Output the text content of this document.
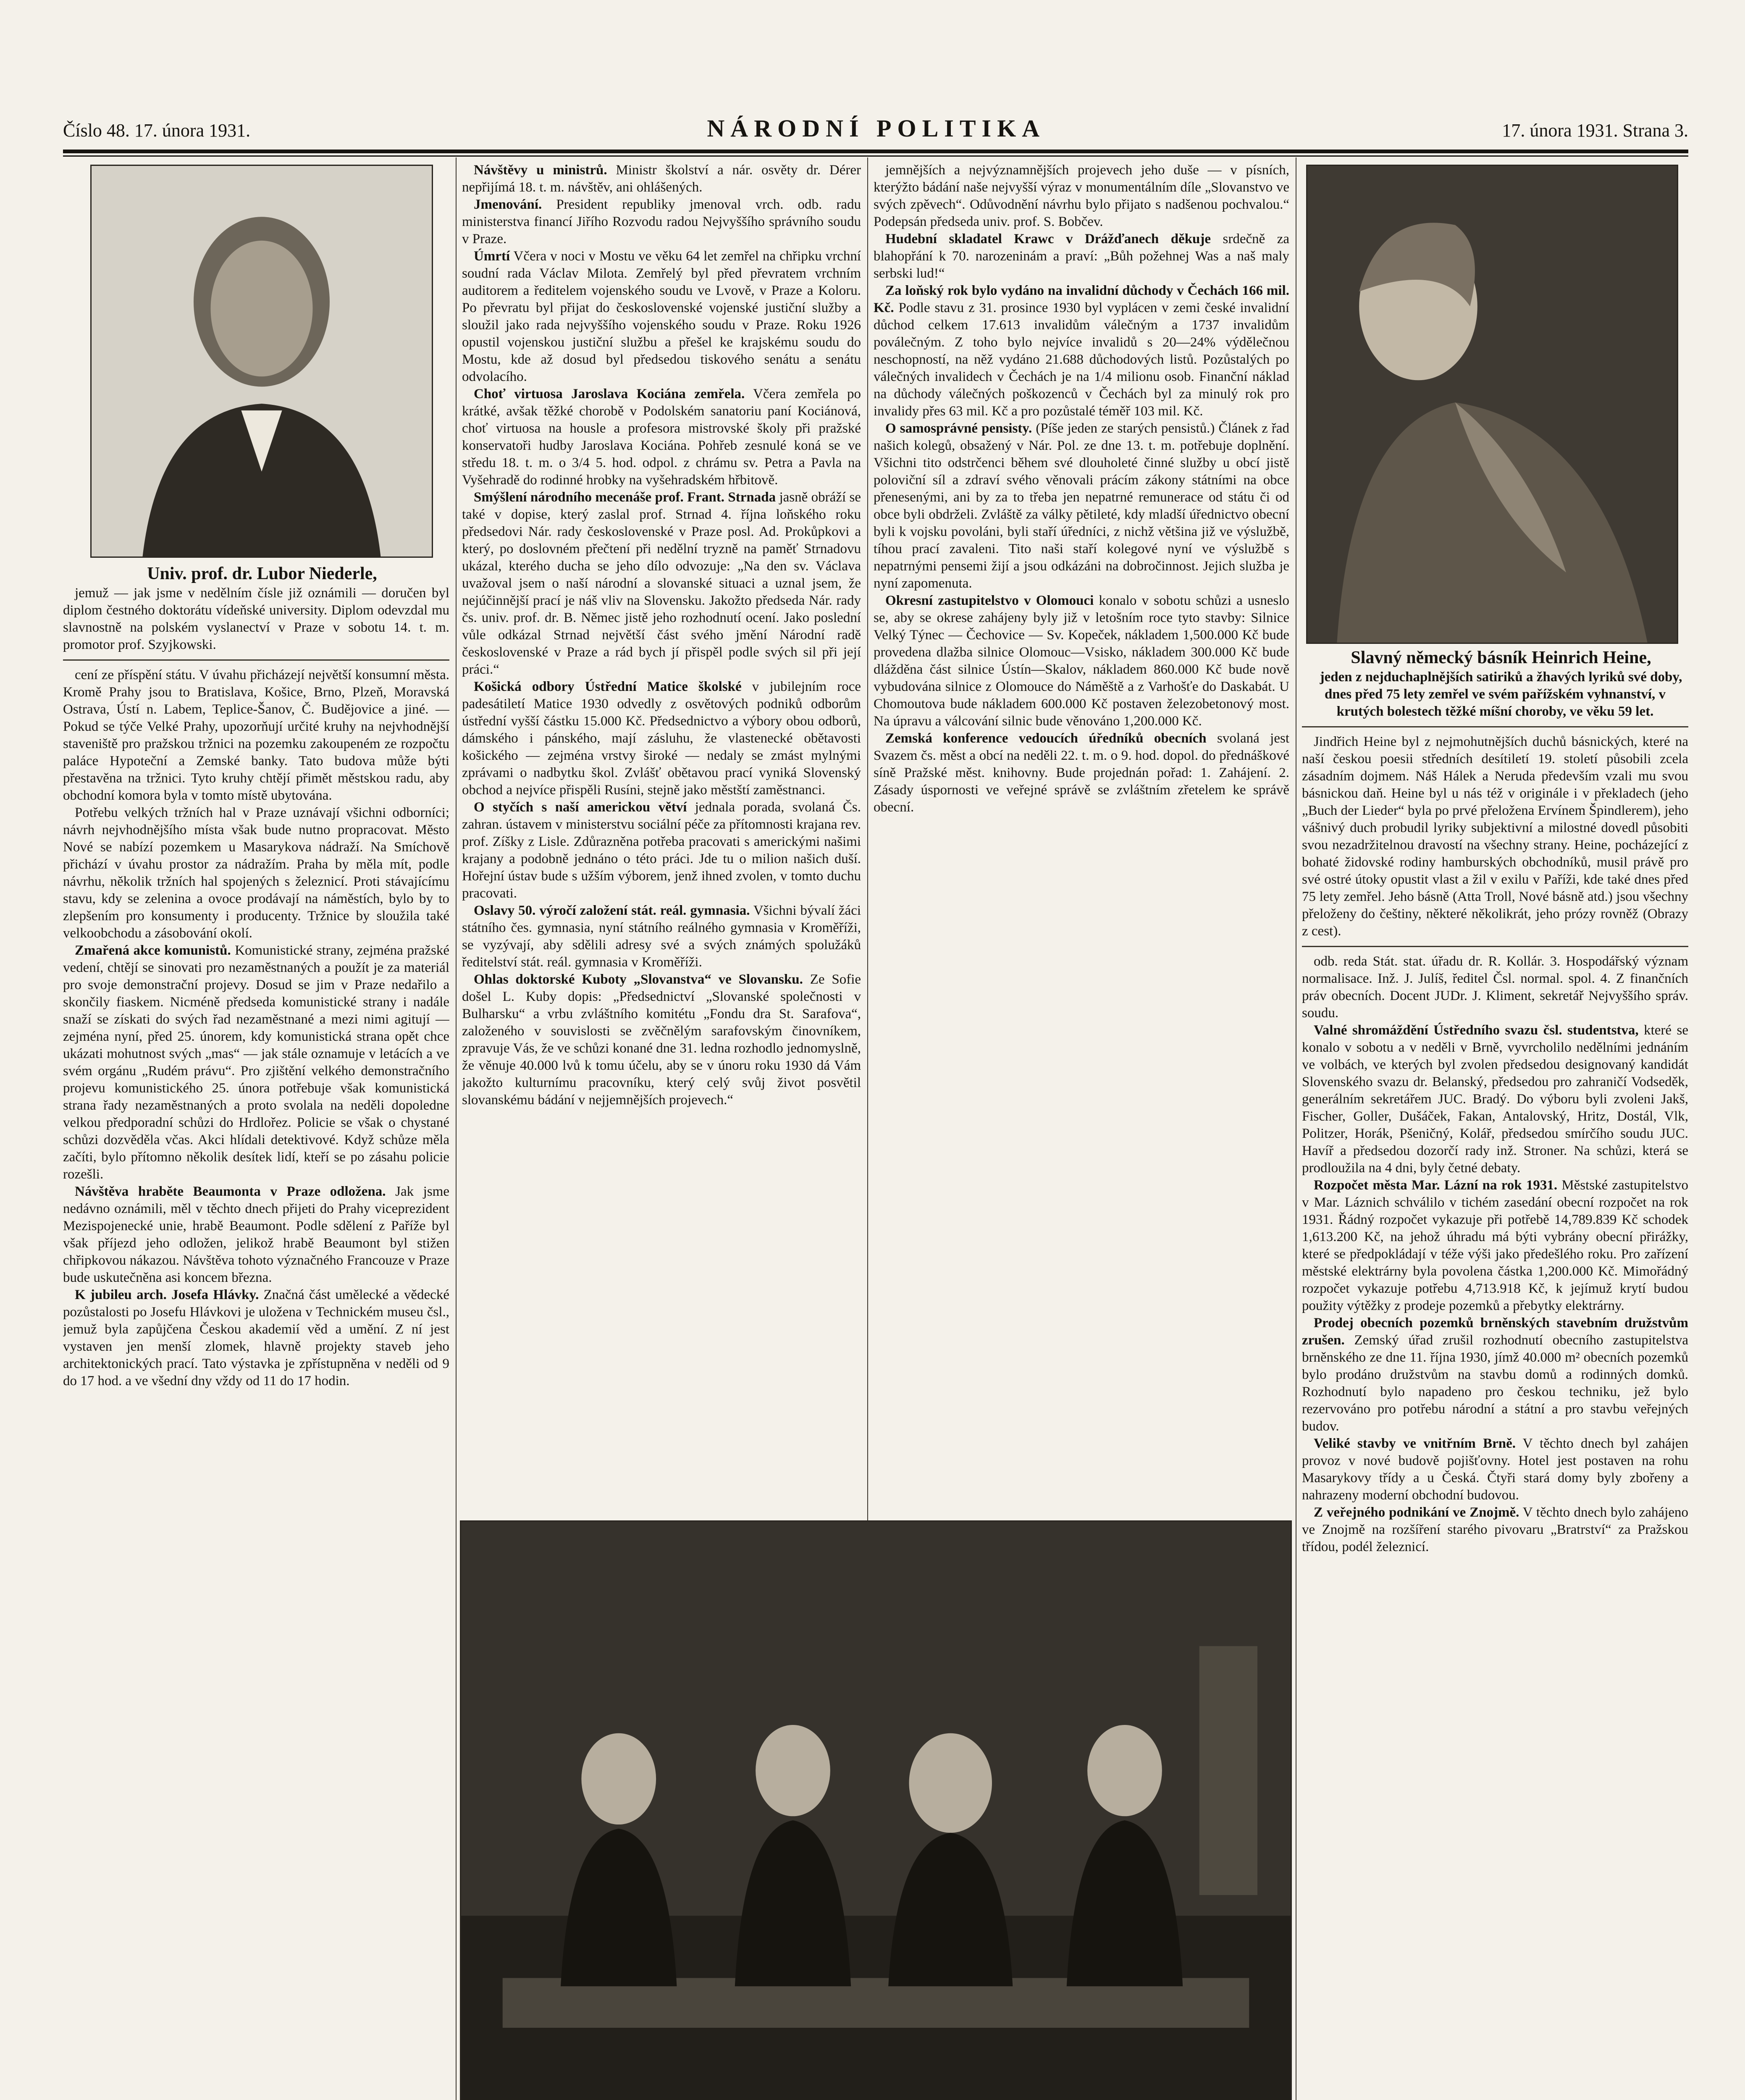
Číslo 48. 17. února 1931.	NÁRODNÍ POLITIKA	17. února 1931. Strana 3.

Univ. prof. dr. Lubor Niederle,

jemuž — jak jsme v nedělním čísle již oznámili — doručen byl diplom čestného doktorátu vídeňské university. Diplom odevzdal mu slavnostně na polském vyslanectví v Praze v sobotu 14. t. m. promotor prof. Szyjkowski.

cení ze příspění státu. V úvahu přicházejí největší konsumní města. Kromě Prahy jsou to Bratislava, Košice, Brno, Plzeň, Moravská Ostrava, Ústí n. Labem, Teplice-Šanov, Č. Budějovice a jiné. — Pokud se týče Velké Prahy, upozorňují určité kruhy na nejvhodnější staveniště pro pražskou tržnici na pozemku zakoupeném ze rozpočtu paláce Hypoteční a Zemské banky. Tato budova může býti přestavěna na tržnici. Tyto kruhy chtějí přimět městskou radu, aby obchodní komora byla v tomto místě ubytována.

Potřebu velkých tržních hal v Praze uznávají všichni odborníci; návrh nejvhodnějšího místa však bude nutno propracovat. Město Nové se nabízí pozemkem u Masarykova nádraží. Na Smíchově přichází v úvahu prostor za nádražím. Praha by měla mít, podle návrhu, několik tržních hal spojených s železnicí. Proti stávajícímu stavu, kdy se zelenina a ovoce prodávají na náměstích, bylo by to zlepšením pro konsumenty i producenty. Tržnice by sloužila také velkoobchodu a zásobování okolí.

Zmařená akce komunistů. Komunistické strany, zejména pražské vedení, chtějí se sinovati pro nezaměstnaných a použít je za materiál pro svoje demonstrační projevy. Dosud se jim v Praze nedařilo a skončily fiaskem. Nicméně předseda komunistické strany i nadále snaží se získati do svých řad nezaměstnané a mezi nimi agitují — zejména nyní, před 25. únorem, kdy komunistická strana opět chce ukázati mohutnost svých „mas“ — jak stále oznamuje v letácích a ve svém orgánu „Rudém právu“. Pro zjištění velkého demonstračního projevu komunistického 25. února potřebuje však komunistická strana řady nezaměstnaných a proto svolala na neděli dopoledne velkou předporadní schůzi do Hrdlořez. Policie se však o chystané schůzi dozvěděla včas. Akci hlídali detektivové. Když schůze měla začíti, bylo přítomno několik desítek lidí, kteří se po zásahu policie rozešli.

Návštěva hraběte Beaumonta v Praze odložena. Jak jsme nedávno oznámili, měl v těchto dnech přijeti do Prahy viceprezident Mezispojenecké unie, hrabě Beaumont. Podle sdělení z Paříže byl však příjezd jeho odložen, jelikož hrabě Beaumont byl stižen chřipkovou nákazou. Návštěva tohoto význačného Francouze v Praze bude uskutečněna asi koncem března.

K jubileu arch. Josefa Hlávky. Značná část umělecké a vědecké pozůstalosti po Josefu Hlávkovi je uložena v Technickém museu čsl., jemuž byla zapůjčena Českou akademií věd a umění. Z ní jest vystaven jen menší zlomek, hlavně projekty staveb jeho architektonických prací. Tato výstavka je zpřístupněna v neděli od 9 do 17 hod. a ve všední dny vždy od 11 do 17 hodin.

Návštěvy u ministrů. Ministr školství a nár. osvěty dr. Dérer nepřijímá 18. t. m. návštěv, ani ohlášených.

Jmenování. President republiky jmenoval vrch. odb. radu ministerstva financí Jiřího Rozvodu radou Nejvyššího správního soudu v Praze.

Úmrtí Včera v noci v Mostu ve věku 64 let zemřel na chřipku vrchní soudní rada Václav Milota. Zemřelý byl před převratem vrchním auditorem a ředitelem vojenského soudu ve Lvově, v Praze a Koloru. Po převratu byl přijat do československé vojenské justiční služby a sloužil jako rada nejvyššího vojenského soudu v Praze. Roku 1926 opustil vojenskou justiční službu a přešel ke krajskému soudu do Mostu, kde až dosud byl předsedou tiskového senátu a senátu odvolacího.

Choť virtuosa Jaroslava Kociána zemřela. Včera zemřela po krátké, avšak těžké chorobě v Podolském sanatoriu paní Kociánová, choť virtuosa na housle a profesora mistrovské školy při pražské konservatoři hudby Jaroslava Kociána. Pohřeb zesnulé koná se ve středu 18. t. m. o 3/4 5. hod. odpol. z chrámu sv. Petra a Pavla na Vyšehradě do rodinné hrobky na vyšehradském hřbitově.

Smýšlení národního mecenáše prof. Frant. Strnada jasně obráží se také v dopise, který zaslal prof. Strnad 4. října loňského roku předsedovi Nár. rady československé v Praze posl. Ad. Prokůpkovi a který, po doslovném přečtení při nedělní tryzně na paměť Strnadovu ukázal, kterého ducha se jeho dílo odvozuje: „Na den sv. Václava uvažoval jsem o naší národní a slovanské situaci a uznal jsem, že nejúčinnější prací je náš vliv na Slovensku. Jakožto předseda Nár. rady čs. univ. prof. dr. B. Němec jistě jeho rozhodnutí ocení. Jako poslední vůle odkázal Strnad největší část svého jmění Národní radě československé v Praze a rád bych jí přispěl podle svých sil při její práci.“

Košická odbory Ústřední Matice školské v jubilejním roce padesátiletí Matice 1930 odvedly z osvětových podniků odborům ústřední vyšší částku 15.000 Kč. Předsednictvo a výbory obou odborů, dámského i pánského, mají zásluhu, že vlastenecké obětavosti košického — zejména vrstvy široké — nedaly se zmást mylnými zprávami o nadbytku škol. Zvlášť obětavou prací vyniká Slovenský obchod a nejvíce přispěli Rusíni, stejně jako městští zaměstnanci.

O styčích s naší americkou větví jednala porada, svolaná Čs. zahran. ústavem v ministerstvu sociální péče za přítomnosti krajana rev. prof. Zíšky z Lisle. Zdůrazněna potřeba pracovati s americkými našimi krajany a podobně jednáno o této práci. Jde tu o milion našich duší. Hořejní ústav bude s užším výborem, jenž ihned zvolen, v tomto duchu pracovati.

Oslavy 50. výročí založení stát. reál. gymnasia. Všichni bývalí žáci státního čes. gymnasia, nyní státního reálného gymnasia v Kroměříži, se vyzývají, aby sdělili adresy své a svých známých spolužáků ředitelství stát. reál. gymnasia v Kroměříži.

Ohlas doktorské Kuboty „Slovanstva“ ve Slovansku. Ze Sofie došel L. Kuby dopis: „Předsednictví „Slovanské společnosti v Bulharsku“ a vrbu zvláštního komitétu „Fondu dra St. Sarafova“, založeného v souvislosti se zvěčnělým sarafovským činovníkem, zpravuje Vás, že ve schůzi konané dne 31. ledna rozhodlo jednomyslně, že věnuje 40.000 lvů k tomu účelu, aby se v únoru roku 1930 dá Vám jakožto kulturnímu pracovníku, který celý svůj život posvětil slovanskému bádání v nejjemnějších projevech.“

jemnějších a nejvýznamnějších projevech jeho duše — v písních, kterýžto bádání naše nejvyšší výraz v monumentálním díle „Slovanstvo ve svých zpěvech“. Odůvodnění návrhu bylo přijato s nadšenou pochvalou.“ Podepsán předseda univ. prof. S. Bobčev.

Hudební skladatel Krawc v Drážďanech děkuje srdečně za blahopřání k 70. narozeninám a praví: „Bůh požehnej Was a naš maly serbski lud!“

Za loňský rok bylo vydáno na invalidní důchody v Čechách 166 mil. Kč. Podle stavu z 31. prosince 1930 byl vyplácen v zemi české invalidní důchod celkem 17.613 invalidům válečným a 1737 invalidům poválečným. Z toho bylo nejvíce invalidů s 20—24% výdělečnou neschopností, na něž vydáno 21.688 důchodových listů. Pozůstalých po válečných invalidech v Čechách je na 1/4 milionu osob. Finanční náklad na důchody válečných poškozenců v Čechách byl za minulý rok pro invalidy přes 63 mil. Kč a pro pozůstalé téměř 103 mil. Kč.

O samosprávné pensisty. (Píše jeden ze starých pensistů.) Článek z řad našich kolegů, obsažený v Nár. Pol. ze dne 13. t. m. potřebuje doplnění. Všichni tito odstrčenci během své dlouholeté činné služby u obcí jistě poloviční síl a zdraví svého věnovali prácím zákony státními na obce přenesenými, ani by za to třeba jen nepatrné remunerace od státu či od obce byli obdrželi. Zvláště za války pětileté, kdy mladší úřednictvo obecní byli k vojsku povoláni, byli staří úředníci, z nichž většina již ve výslužbě, tíhou prací zavaleni. Tito naši staří kolegové nyní ve výslužbě s nepatrnými pensemi žijí a jsou odkázáni na dobročinnost. Jejich služba je nyní zapomenuta.

Okresní zastupitelstvo v Olomouci konalo v sobotu schůzi a usneslo se, aby se okrese zahájeny byly již v letošním roce tyto stavby: Silnice Velký Týnec — Čechovice — Sv. Kopeček, nákladem 1,500.000 Kč bude provedena dlažba silnice Olomouc—Vsisko, nákladem 300.000 Kč bude dlážděna část silnice Ústín—Skalov, nákladem 860.000 Kč bude nově vybudována silnice z Olomouce do Náměště a z Varhošťe do Daskabát. U Chomoutova bude nákladem 600.000 Kč postaven železobetonový most. Na úpravu a válcování silnic bude věnováno 1,200.000 Kč.

Zemská konference vedoucích úředníků obecních svolaná jest Svazem čs. měst a obcí na neděli 22. t. m. o 9. hod. dopol. do přednáškové síně Pražské měst. knihovny. Bude projednán pořad: 1. Zahájení. 2. Zásady úspornosti ve veřejné správě se zvláštním zřetelem ke správě obecní.

Slavný německý básník Heinrich Heine,

jeden z nejduchaplnějších satiriků a žhavých lyriků své doby, dnes před 75 lety zemřel ve svém pařížském vyhnanství, v krutých bolestech těžké míšní choroby, ve věku 59 let.

Jindřich Heine byl z nejmohutnějších duchů básnických, které na naší českou poesii středních desítiletí 19. století působili zcela zásadním dojmem. Náš Hálek a Neruda především vzali mu svou básnickou daň. Heine byl u nás též v originále i v překladech (jeho „Buch der Lieder“ byla po prvé přeložena Ervínem Špindlerem), jeho vášnivý duch probudil lyriky subjektivní a milostné dovedl působiti svou nezadržitelnou dravostí na všechny strany. Heine, pocházející z bohaté židovské rodiny hamburských obchodníků, musil právě pro své ostré útoky opustit vlast a žil v exilu v Paříži, kde také dnes před 75 lety zemřel. Jeho básně (Atta Troll, Nové básně atd.) jsou všechny přeloženy do češtiny, některé několikrát, jeho prózy rovněž (Obrazy z cest).

odb. reda Stát. stat. úřadu dr. R. Kollár. 3. Hospodářský význam normalisace. Inž. J. Julíš, ředitel Čsl. normal. spol. 4. Z finančních práv obecních. Docent JUDr. J. Kliment, sekretář Nejvyššího správ. soudu.

Valné shromáždění Ústředního svazu čsl. studentstva, které se konalo v sobotu a v neděli v Brně, vyvrcholilo nedělními jednáním ve volbách, ve kterých byl zvolen předsedou designovaný kandidát Slovenského svazu dr. Belanský, předsedou pro zahraničí Vodseděk, generálním sekretářem JUC. Bradý. Do výboru byli zvoleni Jakš, Fischer, Goller, Dušáček, Fakan, Antalovský, Hritz, Dostál, Vlk, Politzer, Horák, Pšeničný, Kolář, předsedou smírčího soudu JUC. Havíř a předsedou dozorčí rady inž. Stroner. Na schůzi, která se prodloužila na 4 dni, byly četné debaty.

Rozpočet města Mar. Lázní na rok 1931. Městské zastupitelstvo v Mar. Láznich schválilo v tichém zasedání obecní rozpočet na rok 1931. Řádný rozpočet vykazuje při potřebě 14,789.839 Kč schodek 1,613.200 Kč, na jehož úhradu má býti vybrány obecní přirážky, které se předpokládají v téže výši jako předešlého roku. Pro zařízení městské elektrárny byla povolena částka 1,200.000 Kč. Mimořádný rozpočet vykazuje potřebu 4,713.918 Kč, k jejímuž krytí budou použity výtěžky z prodeje pozemků a přebytky elektrárny.

Prodej obecních pozemků brněnských stavebním družstvům zrušen. Zemský úřad zrušil rozhodnutí obecního zastupitelstva brněnského ze dne 11. října 1930, jímž 40.000 m² obecních pozemků bylo prodáno družstvům na stavbu domů a rodinných domků. Rozhodnutí bylo napadeno pro českou techniku, jež bylo rezervováno pro potřebu národní a státní a pro stavbu veřejných budov.

Veliké stavby ve vnitřním Brně. V těchto dnech byl zahájen provoz v nové budově pojišťovny. Hotel jest postaven na rohu Masarykovy třídy a u Česká. Čtyři stará domy byly zbořeny a nahrazeny moderní obchodní budovou.

Z veřejného podnikání ve Znojmě. V těchto dnech bylo zahájeno ve Znojmě na rozšíření starého pivovaru „Bratrství“ za Pražskou třídou, podél železnicí.
